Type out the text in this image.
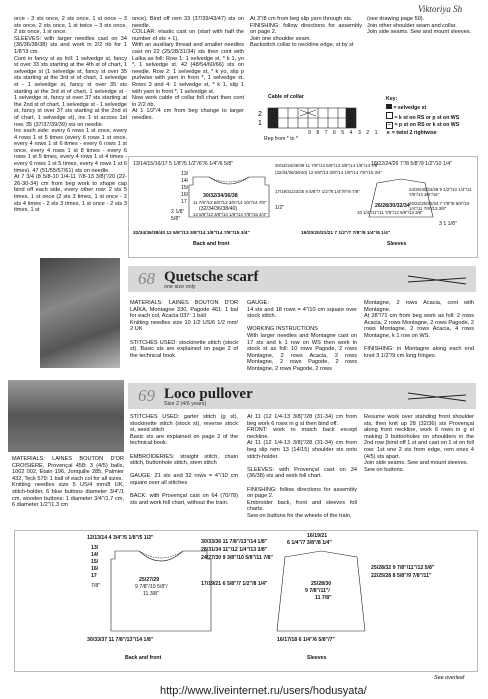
Viktoriya Sh

orce - 3 sts once, 2 sts once, 1 st once – 3 sts once, 2 sts once, 1 st twice – 3 sts once, 2 sts once, 1 st once.
SLEEVES: with larger needles cast on 34 (36/36/38/38) sts and work in 2/2 rib for 1 1/8"/3 cm.
Cont in fancy st as foll: 1 selvedge st, fancy st over 33 sts starting at the 4th st of chart, 1 selvedge st (1 selvedge st, fancy st over 35 sts starting at the 3rd st of chart, 1 selvedge st - 1 selvedge st, fancy st over 35 sts starting at the 3rd st of chart, 1 selvedge st - 1 selvedge st, fancy st over 37 sts starting at the 2nd st of chart, 1 selvedge st - 1 selvedge st, fancy st over 37 sts starting at the 2nd st of chart, 1 selvedge st), inc 1 st across 1st row. 35 (37/37/39/39) sts on needle.
Inc each side: every 6 rows 1 st once, every 4 rows 1 st 5 times (every 6 rows 1 st once, every 4 rows 1 st 6 times - every 6 rows 1 st once, every 4 rows 1 st 8 times - every 6 rows 1 st 5 times, every 4 rows 1 st 4 times - every 6 rows 1 st 5 times, every 4 rows 1 st 6 times). 47 (51/55/57/61) sts on needle.
At 7 3/4 (8 5/8-10 1/4-11 7/8-13 3/8)"/20 (22-26-30-34) cm from beg work to shape cap bind off each side, every other row: 2 sts 5 times, 1 st once (2 sts 3 times, 1 st once - 2 sts 4 times - 2 sts 3 times, 1 st once - 2 sts 3 times, 1 st

once). Bind off rem 33 (37/39/43/47) sts on needle.
COLLAR: elastic cast on (start with half the number of sts + 1).
With an auxiliary thread and smaller needles cast on 22 (25/28/31/34) sts then cont with Laïka as foll: Row 1: 1 selvedge st, * k 1, yo *, 1 selvedge st. 42 (48/54/60/66) sts on needle. Row 2: 1 selvedge st, * k yo, slip p purlwise with yarn in front *, 1 selvedge st. Rows 3 and 4: 1 selvedge st, * k 1, slip 1 with yarn in front *, 1 selvedge st.
Now work cable of collar foll chart then cont in 2/2 rib.
At 1 1/2"/4 cm from beg change to larger needles.

At 3"/8 cm from beg slip yarn through sts.
FINISHING: follow directions for assembly on page 2.
Join one shoulder seam.
Backstitch collar to neckline edge, st by st

(see drawing page 50).
Join other shoulder seam and collar.
Join side seams. Sew and mount sleeves.

Cable of collar
2
1
9 8 7 6 5 4 3 2 1
Rep from * to *
Key:
= selvedge st
= k st on RS or p st on WS
– = p st on RS or k st on WS
⨯ = twist 2 rightwise
13/14/15/16/17 5 1/8"/5 1/2"/6"/6 1/4"/6 5/8"
13/
14/
15/
16/
17
2 1/8"
5/8"
30/32/34/36/38
11 7/8"/12 5/8"/13 3/8"/14 1/8"/14 7/8"
(32/34/36/38/40)
12 5/8"/13 3/8"/14 1/8"/14 7/8"/15 3/4"
32/34/36/38/40 12 5/8"/13 3/8"/14 1/8"/14 7/8"/15 3/4"
Back and front
30/32/34/36/38 11 7/8"/12 5/8"/13 3/8"/14 1/8"/14 7/8"
(32/34/36/38/40) 12 5/8"/13 3/8"/14 1/8"/14 7/8"/15 3/4"
17/19/21/23/25 6 5/8"/7 1/2"/8 1/4"/9"/9 7/8"
1/2"
18/22/24/26 7"/8 5/8"/9 1/2"/10 1/4"
24/26/30/34/38 9 1/2"/10 1/4"/11 7/8"/13 3/8"/15"
20/22/26/30/34 7 7/8"/8 5/8"/10 1/4"/11 7/8"/13 3/8"
26/28/30/32/34
10 1/4"/11"/11 7/8"/12 5/8"/13 3/8"
3 1 1/8"
19/20/20/21/21 7 1/2"/7 7/8"/8 1/4"/8 1/4"
Sleeves
68 Quetsche scarf
one size only

MATERIALS: LAINES BOUTON D'OR LAÏKA, Montagne 330, Pagode 461: 1 bal for each col, Acacia 037: 1 ball
Knitting needles size 10 1/2 US/6 1/2 mm/ 2 UK

STITCHES USED: stockinette stitch (stock st). Basic sts are explained on page 2 of the technical book.

GAUGE:
14 sts and 18 rows = 4"/10 cm square over stock stitch.

WORKING INSTRUCTIONS
With larger needles and Montagne cast on 17 sts and k 1 row on WS then work in stock st as foll: 10 rows Pagode, 2 rows Montagne, 2 rows Acacia, 2 rows Montagne, 2 rows Pagode, 2 rows Montagne, 2 rows Pagode, 2 rows

Montagne, 2 rows Acacia, cont with Montagne.
At 28"/71 cm from beg work as foll: 2 rows Acacia, 2 rows Montagne, 2 rows Pagode, 2 rows Montagne, 2 rows Acacia, 4 rows Montagne, k 1 row on WS.

FINISHING: in Montagne along each end knot 3 1/2"/9 cm long fringes.

69 Loco pullover
Size 2 (4/6 years)

MATERIALS: LAINES BOUTON D'OR CROISIÈRE, Provençal 458: 3 (4/5) balls, 1002 002, Étain 196, Jonquille 285, Palmier 432, Teck 579: 1 ball of each col for all sizes.
Knitting needles size 5 US/4 mm/8 UK, stitch-holder, 6 blue buttons diameter 3/4"/1 cm, wooden buttons: 1 diameter 3/4"/1.7 cm, 6 diameter 1/2"/1.3 cm

STITCHES USED: garter stitch (g st), stockinette stitch (stock st), reverse stock st, seed stitch
Basic sts are explained on page 2 of the technical book.

EMBROIDERIES: straight stitch, chain stitch, buttonhole stitch, stem stitch

GAUGE: 21 sts and 32 rows = 4"/10 cm square over all stitches

BACK: with Provençal cast on 64 (70/78) sts and work foll chart, without the train.

At 11 (12 1/4-13 3/8)"/28 (31-34) cm from beg work 6 rows in g st then bind off.
FRONT: work to match back except neckline.
At 11 (12 1/4-13 3/8)"/28 (31-34) cm from beg slip rem 13 (14/15) shoulder sts onto stitch-holder.

SLEEVES: with Provençal cast on 34 (36/38) sts and work foll chart.

FINISHING: follow directions for assembly on page 2.
Embroider back, front and sleeves foll charts.
Sew on buttons for the wheels of the train.

Resume work over standing front shoulder sts, then knit up 28 (32/36) sts Provençal along front neckline, work 6 rows in g st making 3 buttonholes on shoulders in the 2nd row (bind off 1 st and cast on 1 st on foll row: 1st one 2 sts from edge, rem ones 4 (4/5) sts apart.
Join side seams. Sew and mount sleeves.
Sew on buttons.

12/13/14 4 3/4"/5 1/8"/5 1/2"
13/
14/
15/
16/
17
7/8"
25/27/29
9 7/8"/10 5/8"/
11 3/8"
30/33/37 11 7/8"/13"/14 1/8"
Back and front
30/33/36 11 7/8"/13"/14 1/8"
28/31/34 11"/12 1/4"/13 3/8"
24/27/30 9 3/8"/10 5/8"/11 7/8"
17/19/21 6 5/8"/7 1/2"/8 1/4"
16/19/21
6 1/4"/7 3/8"/8 1/4"
25/28/32 9 7/8"/11"/12 5/8"
22/25/28 8 5/8"/9 7/8"/11"
25/28/30
9 7/8"/11"/
11 7/8"
16/17/18 6 1/4"/6 5/8"/7"
Sleeves
See overleaf
http://www.liveinternet.ru/users/hodusyata/
